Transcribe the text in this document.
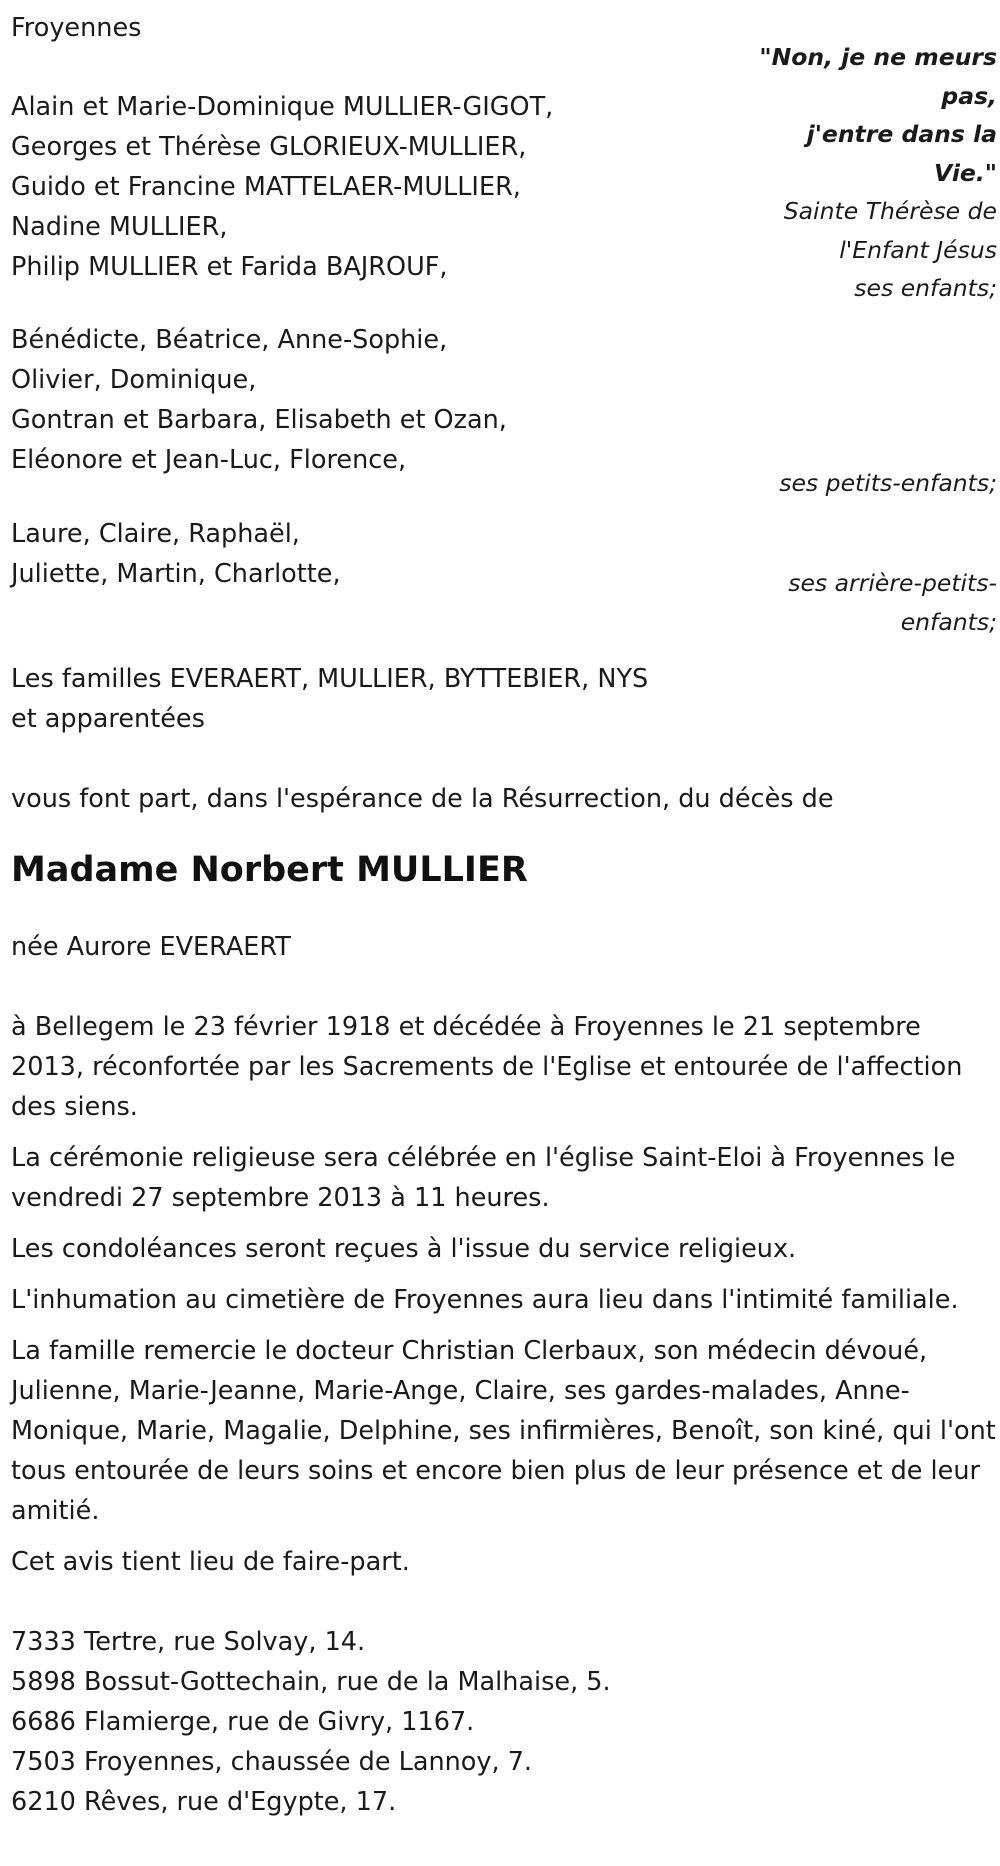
Froyennes
Alain et Marie-Dominique MULLIER-GIGOT,
Georges et Thérèse GLORIEUX-MULLIER,
Guido et Francine MATTELAER-MULLIER,
Nadine MULLIER,
Philip MULLIER et Farida BAJROUF,
"Non, je ne meurs
pas,
j'entre dans la
Vie."
Sainte Thérèse de
l'Enfant Jésus
ses enfants;
Bénédicte, Béatrice, Anne-Sophie,
Olivier, Dominique,
Gontran et Barbara, Elisabeth et Ozan,
Eléonore et Jean-Luc, Florence,
ses petits-enfants;
Laure, Claire, Raphaël,
Juliette, Martin, Charlotte,	ses arrière-petits-
enfants;
Les familles EVERAERT, MULLIER, BYTTEBIER, NYS
et apparentées
vous font part, dans l'espérance de la Résurrection, du décès de
Madame Norbert MULLIER
née Aurore EVERAERT
à Bellegem le 23 février 1918 et décédée à Froyennes le 21 septembre 2013, réconfortée par les Sacrements de l'Eglise et entourée de l'affection des siens.
La cérémonie religieuse sera célébrée en l'église Saint-Eloi à Froyennes le vendredi 27 septembre 2013 à 11 heures.
Les condoléances seront reçues à l'issue du service religieux.
L'inhumation au cimetière de Froyennes aura lieu dans l'intimité familiale.
La famille remercie le docteur Christian Clerbaux, son médecin dévoué, Julienne, Marie-Jeanne, Marie-Ange, Claire, ses gardes-malades, Anne-Monique, Marie, Magalie, Delphine, ses infirmières, Benoît, son kiné, qui l'ont tous entourée de leurs soins et encore bien plus de leur présence et de leur amitié.
Cet avis tient lieu de faire-part.
7333 Tertre, rue Solvay, 14.
5898 Bossut-Gottechain, rue de la Malhaise, 5.
6686 Flamierge, rue de Givry, 1167.
7503 Froyennes, chaussée de Lannoy, 7.
6210 Rêves, rue d'Egypte, 17.
